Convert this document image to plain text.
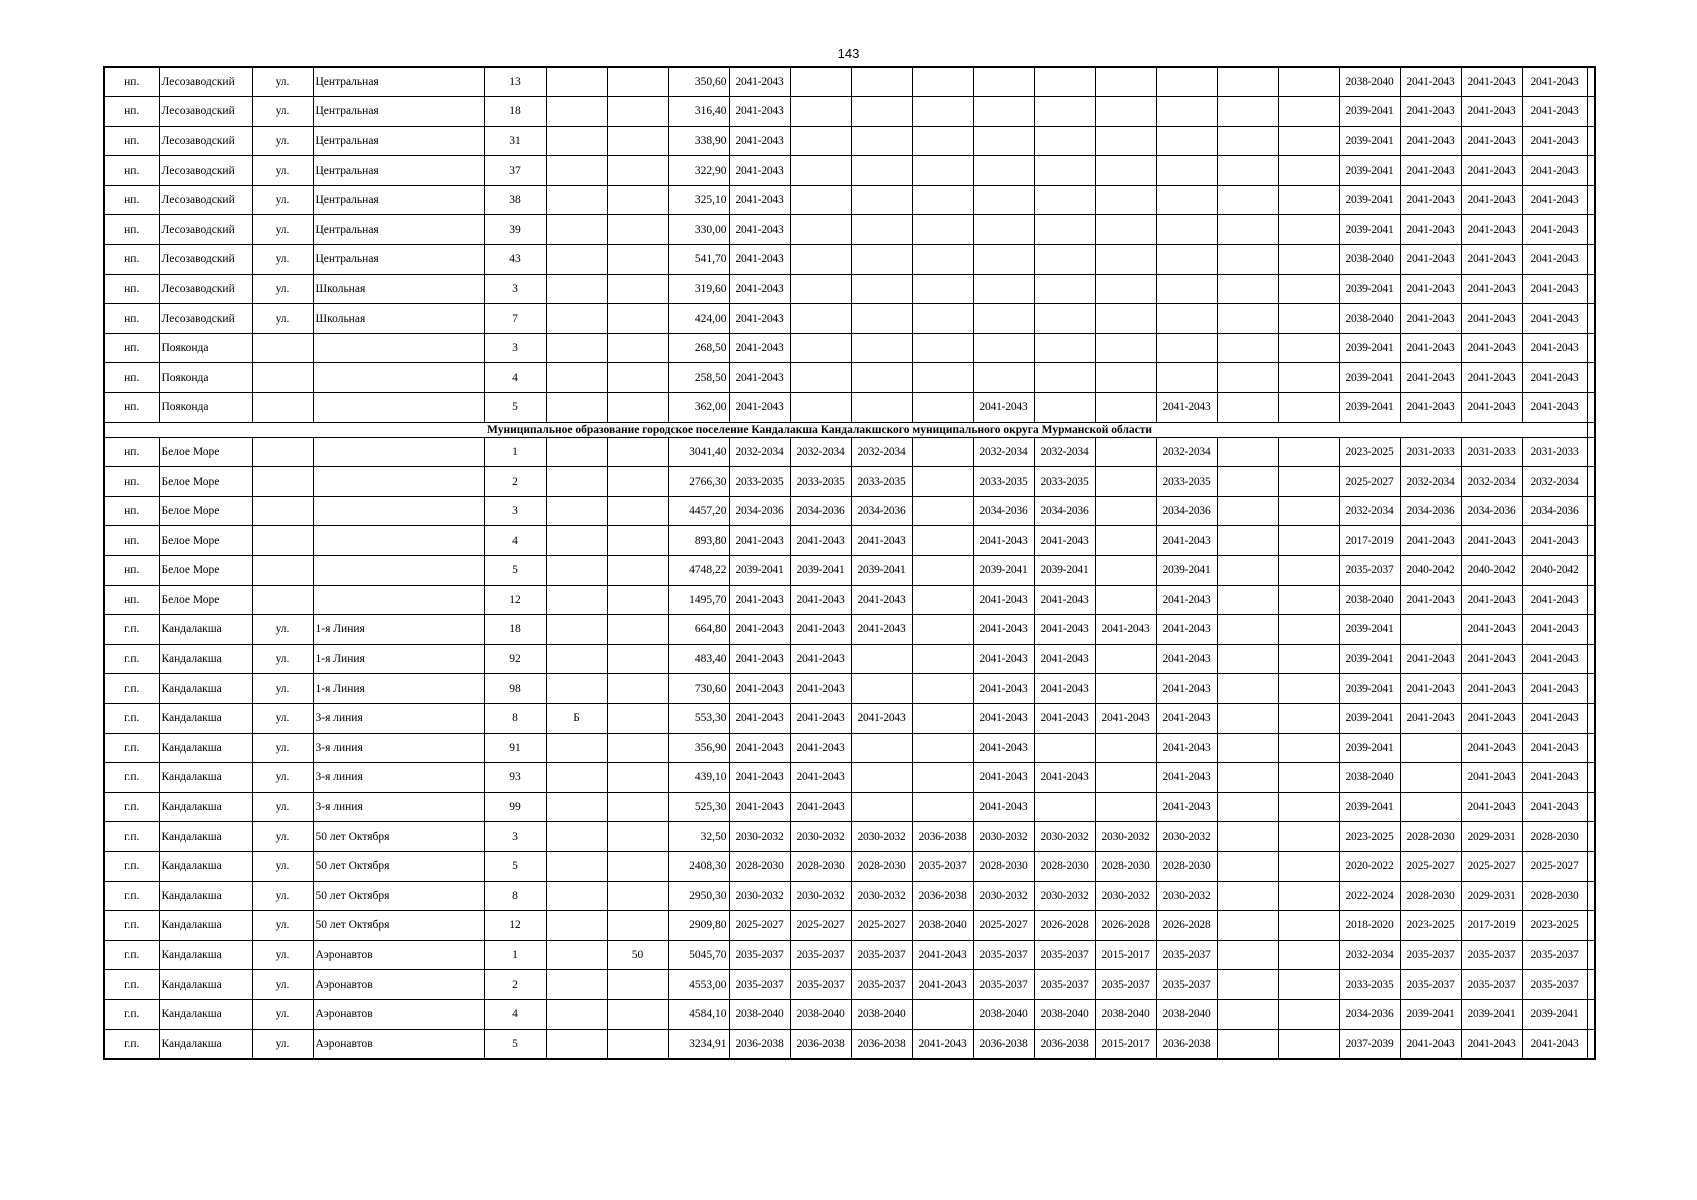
143
нп.	Лесозаводский	ул.	Центральная	13			350,60	2041-2043										2038-2040	2041-2043	2041-2043	2041-2043	
нп.	Лесозаводский	ул.	Центральная	18			316,40	2041-2043										2039-2041	2041-2043	2041-2043	2041-2043	
нп.	Лесозаводский	ул.	Центральная	31			338,90	2041-2043										2039-2041	2041-2043	2041-2043	2041-2043	
нп.	Лесозаводский	ул.	Центральная	37			322,90	2041-2043										2039-2041	2041-2043	2041-2043	2041-2043	
нп.	Лесозаводский	ул.	Центральная	38			325,10	2041-2043										2039-2041	2041-2043	2041-2043	2041-2043	
нп.	Лесозаводский	ул.	Центральная	39			330,00	2041-2043										2039-2041	2041-2043	2041-2043	2041-2043	
нп.	Лесозаводский	ул.	Центральная	43			541,70	2041-2043										2038-2040	2041-2043	2041-2043	2041-2043	
нп.	Лесозаводский	ул.	Школьная	3			319,60	2041-2043										2039-2041	2041-2043	2041-2043	2041-2043	
нп.	Лесозаводский	ул.	Школьная	7			424,00	2041-2043										2038-2040	2041-2043	2041-2043	2041-2043	
нп.	Пояконда			3			268,50	2041-2043										2039-2041	2041-2043	2041-2043	2041-2043	
нп.	Пояконда			4			258,50	2041-2043										2039-2041	2041-2043	2041-2043	2041-2043	
нп.	Пояконда			5			362,00	2041-2043				2041-2043			2041-2043			2039-2041	2041-2043	2041-2043	2041-2043	
Муниципальное образование городское поселение Кандалакша Кандалакшского муниципального округа Мурманской области																						
нп.	Белое Море			1			3041,40	2032-2034	2032-2034	2032-2034		2032-2034	2032-2034		2032-2034			2023-2025	2031-2033	2031-2033	2031-2033	
нп.	Белое Море			2			2766,30	2033-2035	2033-2035	2033-2035		2033-2035	2033-2035		2033-2035			2025-2027	2032-2034	2032-2034	2032-2034	
нп.	Белое Море			3			4457,20	2034-2036	2034-2036	2034-2036		2034-2036	2034-2036		2034-2036			2032-2034	2034-2036	2034-2036	2034-2036	
нп.	Белое Море			4			893,80	2041-2043	2041-2043	2041-2043		2041-2043	2041-2043		2041-2043			2017-2019	2041-2043	2041-2043	2041-2043	
нп.	Белое Море			5			4748,22	2039-2041	2039-2041	2039-2041		2039-2041	2039-2041		2039-2041			2035-2037	2040-2042	2040-2042	2040-2042	
нп.	Белое Море			12			1495,70	2041-2043	2041-2043	2041-2043		2041-2043	2041-2043		2041-2043			2038-2040	2041-2043	2041-2043	2041-2043	
г.п.	Кандалакша	ул.	1-я Линия	18			664,80	2041-2043	2041-2043	2041-2043		2041-2043	2041-2043	2041-2043	2041-2043			2039-2041		2041-2043	2041-2043	
г.п.	Кандалакша	ул.	1-я Линия	92			483,40	2041-2043	2041-2043			2041-2043	2041-2043		2041-2043			2039-2041	2041-2043	2041-2043	2041-2043	
г.п.	Кандалакша	ул.	1-я Линия	98			730,60	2041-2043	2041-2043			2041-2043	2041-2043		2041-2043			2039-2041	2041-2043	2041-2043	2041-2043	
г.п.	Кандалакша	ул.	3-я линия	8	Б		553,30	2041-2043	2041-2043	2041-2043		2041-2043	2041-2043	2041-2043	2041-2043			2039-2041	2041-2043	2041-2043	2041-2043	
г.п.	Кандалакша	ул.	3-я линия	91			356,90	2041-2043	2041-2043			2041-2043			2041-2043			2039-2041		2041-2043	2041-2043	
г.п.	Кандалакша	ул.	3-я линия	93			439,10	2041-2043	2041-2043			2041-2043	2041-2043		2041-2043			2038-2040		2041-2043	2041-2043	
г.п.	Кандалакша	ул.	3-я линия	99			525,30	2041-2043	2041-2043			2041-2043			2041-2043			2039-2041		2041-2043	2041-2043	
г.п.	Кандалакша	ул.	50 лет Октября	3			32,50	2030-2032	2030-2032	2030-2032	2036-2038	2030-2032	2030-2032	2030-2032	2030-2032			2023-2025	2028-2030	2029-2031	2028-2030	
г.п.	Кандалакша	ул.	50 лет Октября	5			2408,30	2028-2030	2028-2030	2028-2030	2035-2037	2028-2030	2028-2030	2028-2030	2028-2030			2020-2022	2025-2027	2025-2027	2025-2027	
г.п.	Кандалакша	ул.	50 лет Октября	8			2950,30	2030-2032	2030-2032	2030-2032	2036-2038	2030-2032	2030-2032	2030-2032	2030-2032			2022-2024	2028-2030	2029-2031	2028-2030	
г.п.	Кандалакша	ул.	50 лет Октября	12			2909,80	2025-2027	2025-2027	2025-2027	2038-2040	2025-2027	2026-2028	2026-2028	2026-2028			2018-2020	2023-2025	2017-2019	2023-2025	
г.п.	Кандалакша	ул.	Аэронавтов	1		50	5045,70	2035-2037	2035-2037	2035-2037	2041-2043	2035-2037	2035-2037	2015-2017	2035-2037			2032-2034	2035-2037	2035-2037	2035-2037	
г.п.	Кандалакша	ул.	Аэронавтов	2			4553,00	2035-2037	2035-2037	2035-2037	2041-2043	2035-2037	2035-2037	2035-2037	2035-2037			2033-2035	2035-2037	2035-2037	2035-2037	
г.п.	Кандалакша	ул.	Аэронавтов	4			4584,10	2038-2040	2038-2040	2038-2040		2038-2040	2038-2040	2038-2040	2038-2040			2034-2036	2039-2041	2039-2041	2039-2041	
г.п.	Кандалакша	ул.	Аэронавтов	5			3234,91	2036-2038	2036-2038	2036-2038	2041-2043	2036-2038	2036-2038	2015-2017	2036-2038			2037-2039	2041-2043	2041-2043	2041-2043	
